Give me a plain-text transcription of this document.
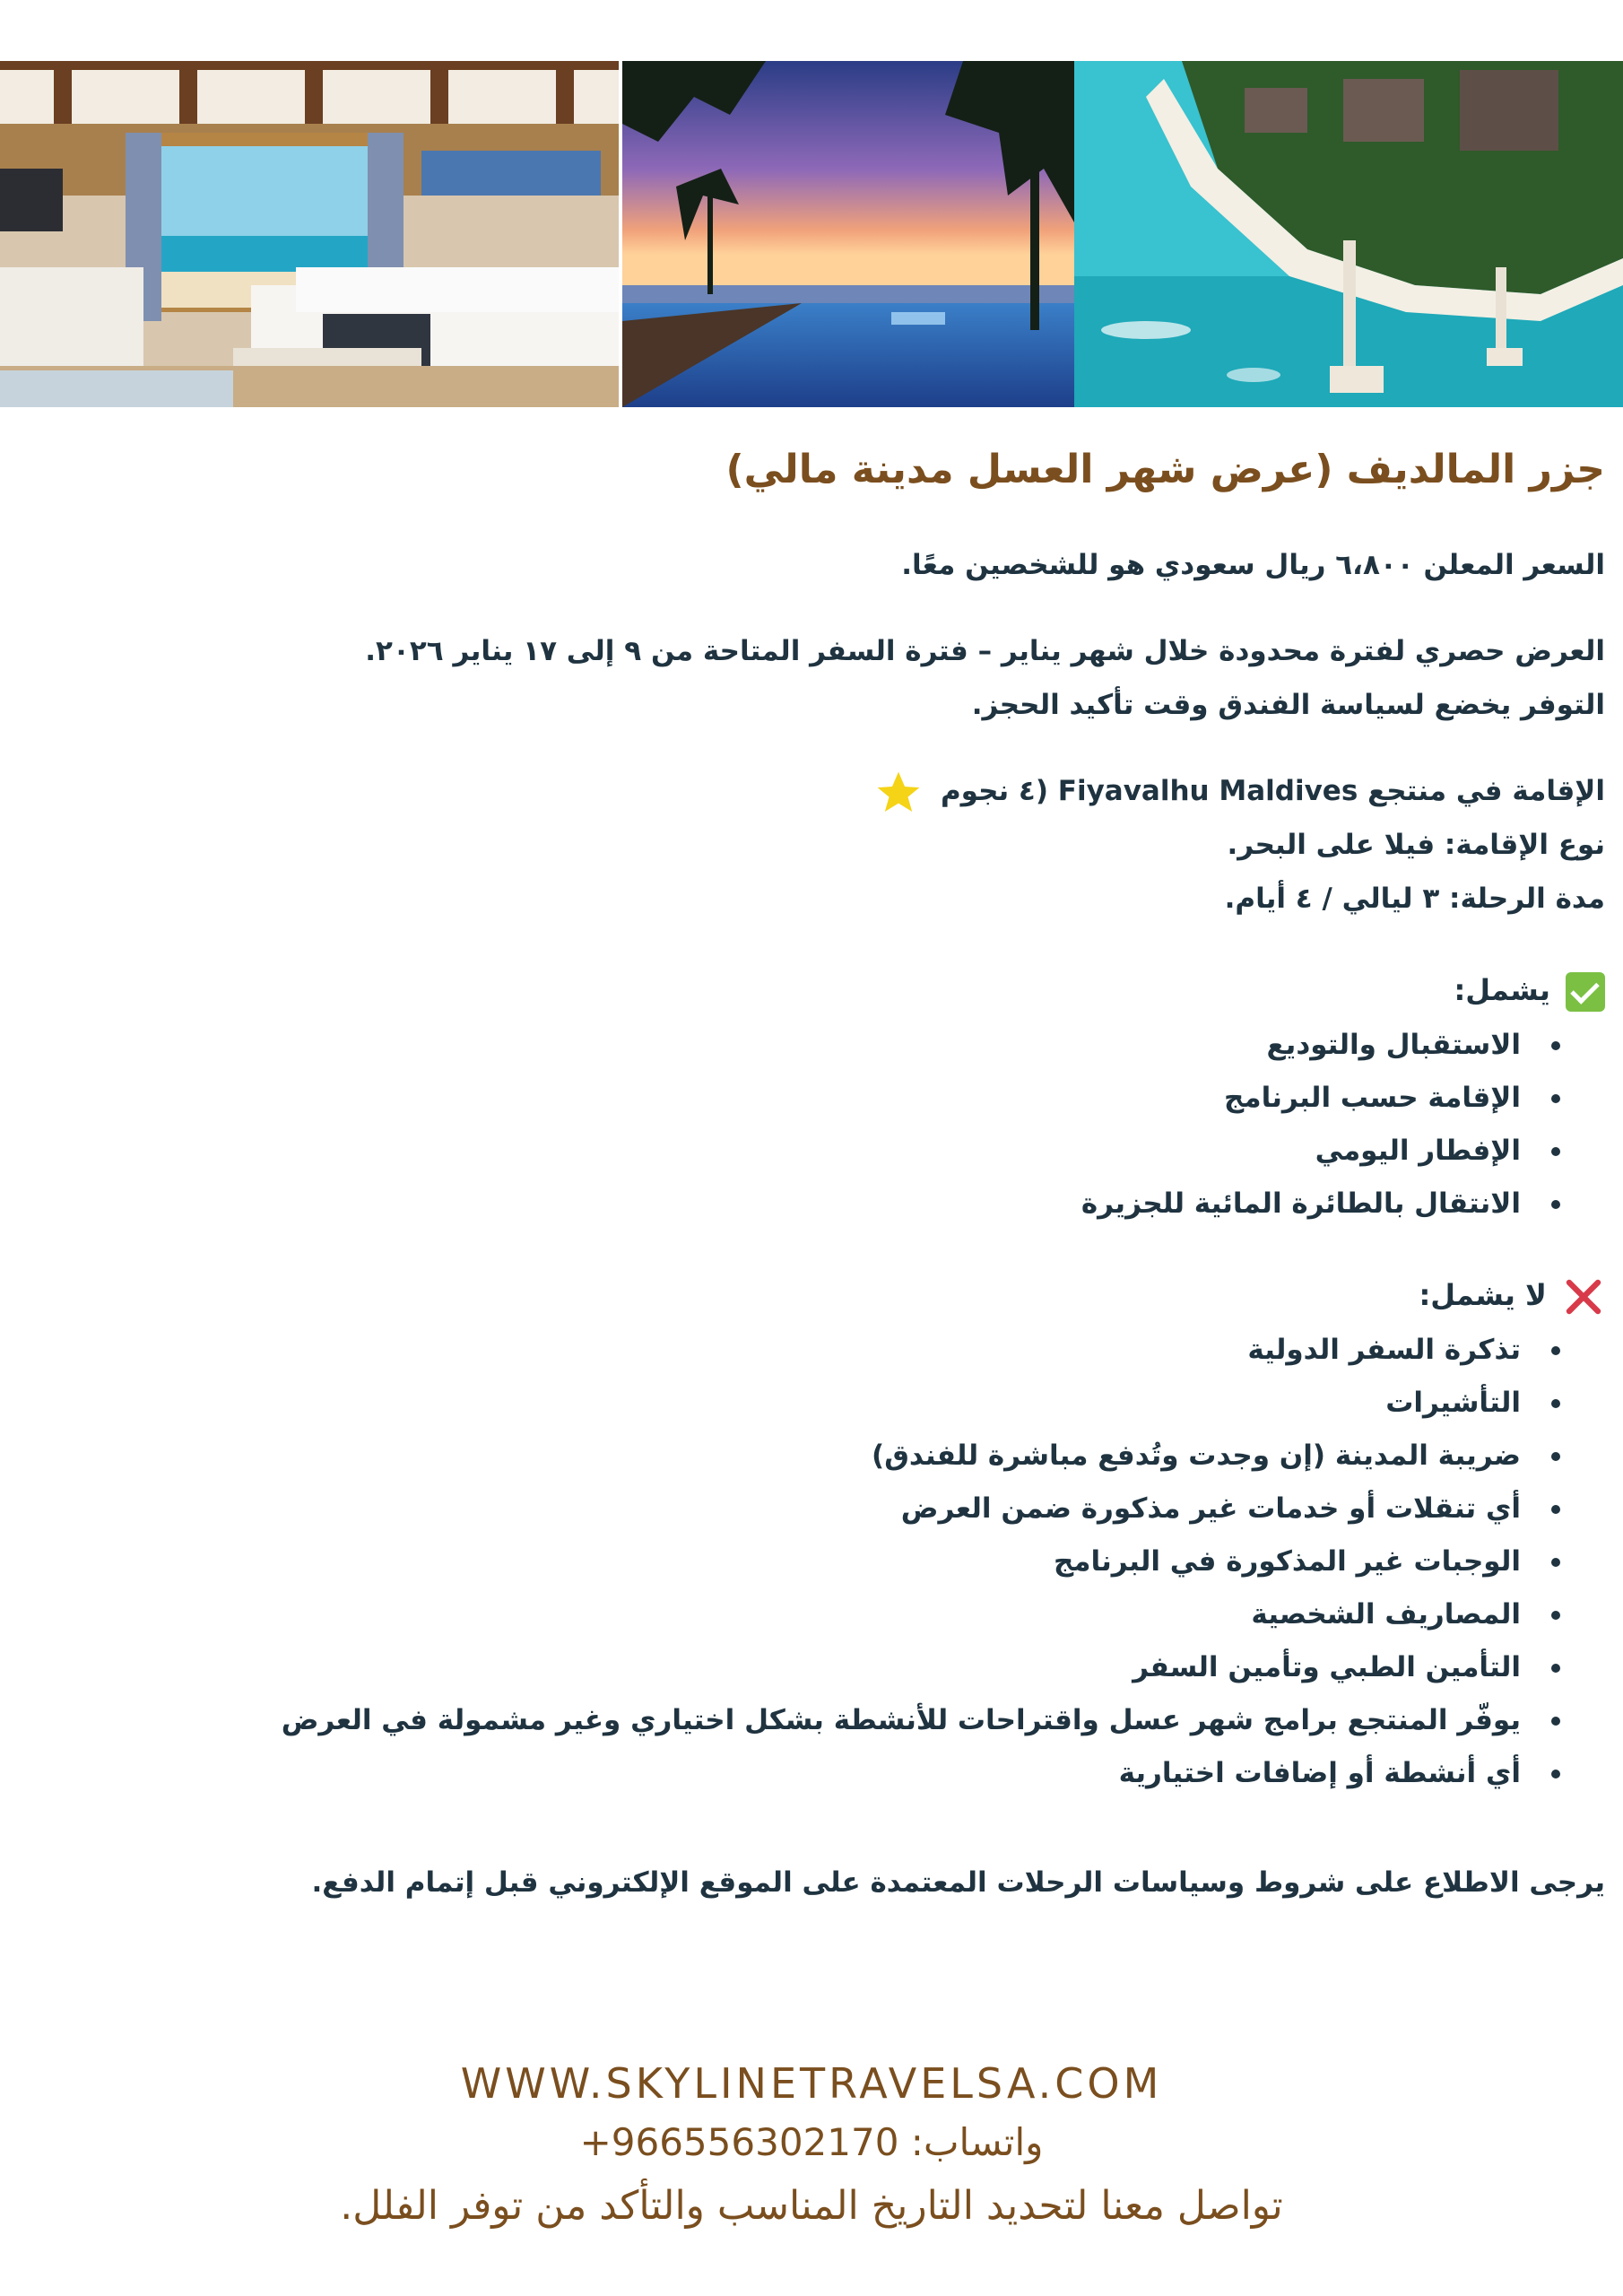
جزر المالديف (عرض شهر العسل مدينة مالي)

السعر المعلن ٦،٨٠٠ ريال سعودي هو للشخصين معًا.

العرض حصري لفترة محدودة خلال شهر يناير – فترة السفر المتاحة من ٩ إلى ١٧ يناير ٢٠٢٦.

التوفر يخضع لسياسة الفندق وقت تأكيد الحجز.

الإقامة في منتجع Fiyavalhu Maldives (٤ نجوم

نوع الإقامة: فيلا على البحر.

مدة الرحلة: ٣ ليالي / ٤ أيام.

يشمل:

الاستقبال والتوديع
الإقامة حسب البرنامج
الإفطار اليومي
الانتقال بالطائرة المائية للجزيرة

لا يشمل:

تذكرة السفر الدولية
التأشيرات
ضريبة المدينة (إن وجدت وتُدفع مباشرة للفندق)
أي تنقلات أو خدمات غير مذكورة ضمن العرض
الوجبات غير المذكورة في البرنامج
المصاريف الشخصية
التأمين الطبي وتأمين السفر
يوفّر المنتجع برامج شهر عسل واقتراحات للأنشطة بشكل اختياري وغير مشمولة في العرض
أي أنشطة أو إضافات اختيارية

يرجى الاطلاع على شروط وسياسات الرحلات المعتمدة على الموقع الإلكتروني قبل إتمام الدفع.

WWW.SKYLINETRAVELSA.COM
واتساب: +966556302170
تواصل معنا لتحديد التاريخ المناسب والتأكد من توفر الفلل.
